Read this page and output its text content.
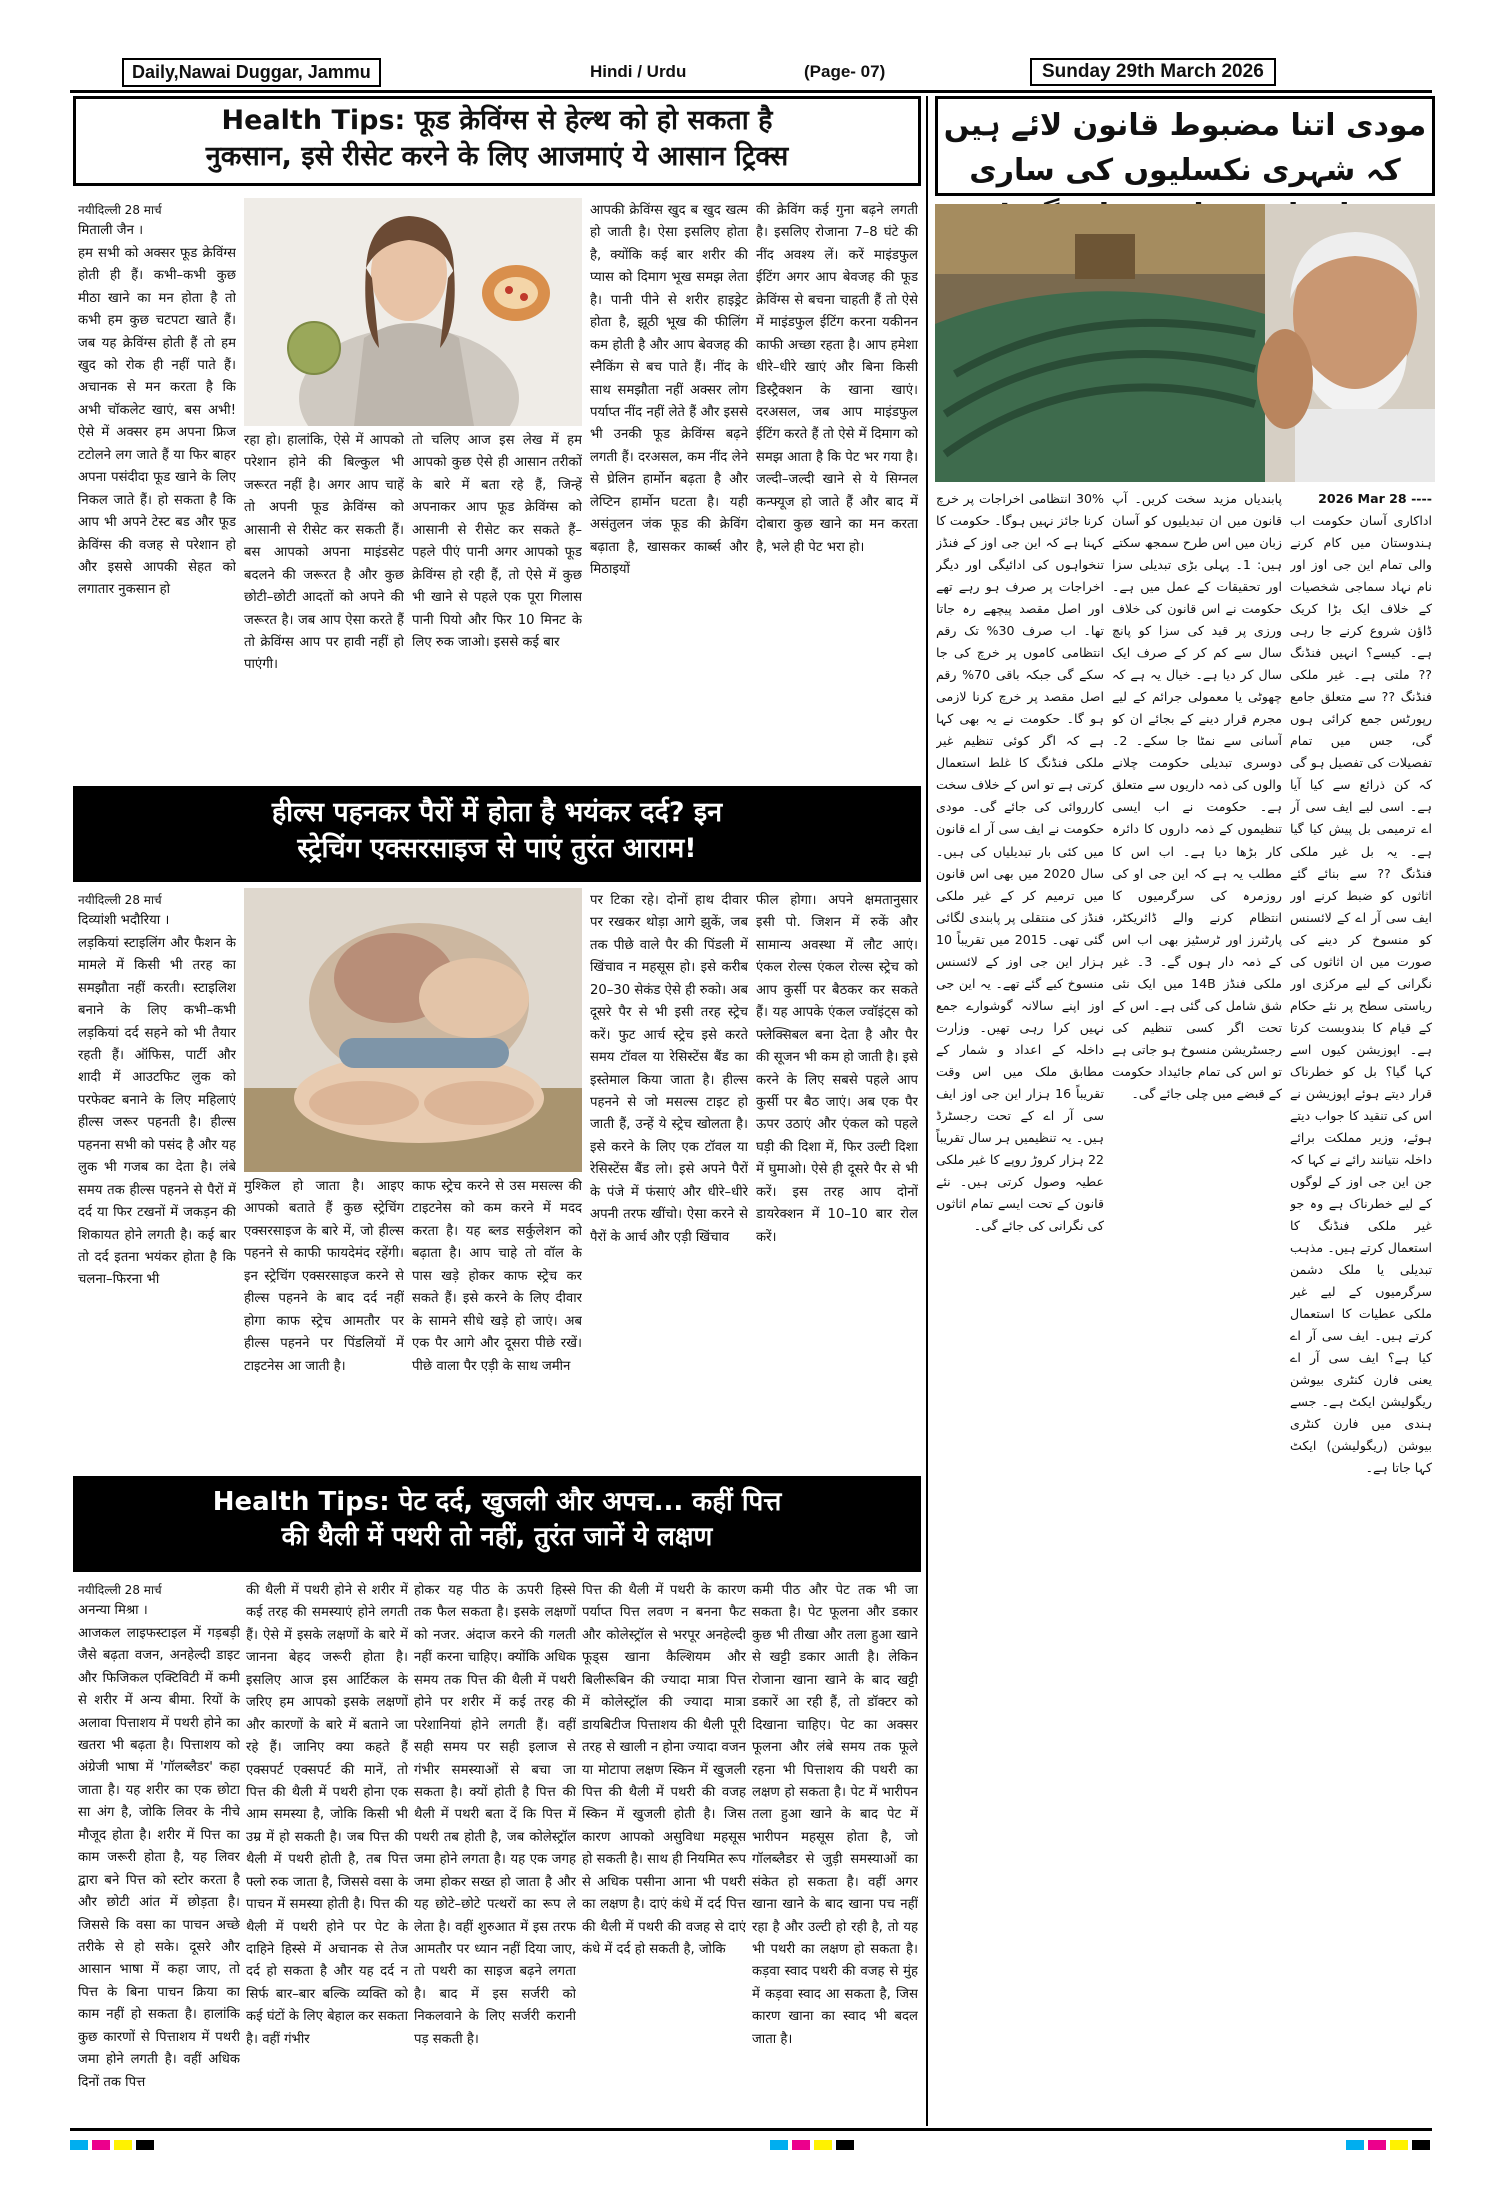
Daily,Nawai Duggar, Jammu	Hindi / Urdu	(Page- 07)	Sunday 29th March 2026
Health Tips: फूड क्रेविंग्स से हेल्थ को हो सकता है
नुकसान, इसे रीसेट करने के लिए आजमाएं ये आसान ट्रिक्स

नयीदिल्ली 28 मार्च

मिताली जैन ।

हम सभी को अक्सर फूड क्रेविंग्स होती ही हैं। कभी–कभी कुछ मीठा खाने का मन होता है तो कभी हम कुछ चटपटा खाते हैं। जब यह क्रेविंग्स होती हैं तो हम खुद को रोक ही नहीं पाते हैं। अचानक से मन करता है कि अभी चॉकलेट खाएं, बस अभी! ऐसे में अक्सर हम अपना फ्रिज टटोलने लग जाते हैं या फिर बाहर अपना पसंदीदा फूड खाने के लिए निकल जाते हैं। हो सकता है कि आप भी अपने टेस्ट बड और फूड क्रेविंग्स की वजह से परेशान हो और इससे आपकी सेहत को लगातार नुकसान हो

रहा हो। हालांकि, ऐसे में आपको परेशान होने की बिल्कुल भी जरूरत नहीं है। अगर आप चाहें तो अपनी फूड क्रेविंग्स को आसानी से रीसेट कर सकती हैं। बस आपको अपना माइंडसेट बदलने की जरूरत है और कुछ छोटी–छोटी आदतों को अपने की जरूरत है। जब आप ऐसा करते हैं तो क्रेविंग्स आप पर हावी नहीं हो पाएंगी।

तो चलिए आज इस लेख में हम आपको कुछ ऐसे ही आसान तरीकों के बारे में बता रहे हैं, जिन्हें अपनाकर आप फूड क्रेविंग्स को आसानी से रीसेट कर सकते हैं– पहले पीएं पानी अगर आपको फूड क्रेविंग्स हो रही हैं, तो ऐसे में कुछ भी खाने से पहले एक पूरा गिलास पानी पियो और फिर 10 मिनट के लिए रुक जाओ। इससे कई बार

आपकी क्रेविंग्स खुद ब खुद खत्म हो जाती है। ऐसा इसलिए होता है, क्योंकि कई बार शरीर की प्यास को दिमाग भूख समझ लेता है। पानी पीने से शरीर हाइड्रेट होता है, झूठी भूख की फीलिंग कम होती है और आप बेवजह की स्नैकिंग से बच पाते हैं। नींद के साथ समझौता नहीं अक्सर लोग पर्याप्त नींद नहीं लेते हैं और इससे भी उनकी फूड क्रेविंग्स बढ़ने लगती हैं। दरअसल, कम नींद लेने से घ्रेलिन हार्मोन बढ़ता है और लेप्टिन हार्मोन घटता है। यही असंतुलन जंक फूड की क्रेविंग बढ़ाता है, खासकर कार्ब्स और मिठाइयों

की क्रेविंग कई गुना बढ़ने लगती है। इसलिए रोजाना 7–8 घंटे की नींद अवश्य लें। करें माइंडफुल ईटिंग अगर आप बेवजह की फूड क्रेविंग्स से बचना चाहती हैं तो ऐसे में माइंडफुल ईटिंग करना यकीनन काफी अच्छा रहता है। आप हमेशा धीरे–धीरे खाएं और बिना किसी डिस्ट्रैक्शन के खाना खाएं। दरअसल, जब आप माइंडफुल ईटिंग करते हैं तो ऐसे में दिमाग को समझ आता है कि पेट भर गया है। जल्दी–जल्दी खाने से ये सिग्नल कन्फ्यूज हो जाते हैं और बाद में दोबारा कुछ खाने का मन करता है, भले ही पेट भरा हो।

हील्स पहनकर पैरों में होता है भयंकर दर्द? इन
स्ट्रेचिंग एक्सरसाइज से पाएं तुरंत आराम!

नयीदिल्ली 28 मार्च

दिव्यांशी भदौरिया ।

लड़कियां स्टाइलिंग और फैशन के मामले में किसी भी तरह का समझौता नहीं करती। स्टाइलिश बनाने के लिए कभी–कभी लड़कियां दर्द सहने को भी तैयार रहती हैं। ऑफिस, पार्टी और शादी में आउटफिट लुक को परफेक्ट बनाने के लिए महिलाएं हील्स जरूर पहनती है। हील्स पहनना सभी को पसंद है और यह लुक भी गजब का देता है। लंबे समय तक हील्स पहनने से पैरों में दर्द या फिर टखनों में जकड़न की शिकायत होने लगती है। कई बार तो दर्द इतना भयंकर होता है कि चलना–फिरना भी

मुश्किल हो जाता है। आइए आपको बताते हैं कुछ स्ट्रेचिंग एक्सरसाइज के बारे में, जो हील्स पहनने से काफी फायदेमंद रहेंगी। इन स्ट्रेचिंग एक्सरसाइज करने से हील्स पहनने के बाद दर्द नहीं होगा काफ स्ट्रेच आमतौर पर हील्स पहनने पर पिंडलियों में टाइटनेस आ जाती है।

काफ स्ट्रेच करने से उस मसल्स की टाइटनेस को कम करने में मदद करता है। यह ब्लड सर्कुलेशन को बढ़ाता है। आप चाहे तो वॉल के पास खड़े होकर काफ स्ट्रेच कर सकते हैं। इसे करने के लिए दीवार के सामने सीधे खड़े हो जाएं। अब एक पैर आगे और दूसरा पीछे रखें। पीछे वाला पैर एड़ी के साथ जमीन

पर टिका रहे। दोनों हाथ दीवार पर रखकर थोड़ा आगे झुकें, जब तक पीछे वाले पैर की पिंडली में खिंचाव न महसूस हो। इसे करीब 20–30 सेकंड ऐसे ही रुको। अब दूसरे पैर से भी इसी तरह स्ट्रेच करें। फुट आर्च स्ट्रेच इसे करते समय टॉवल या रेसिस्टेंस बैंड का इस्तेमाल किया जाता है। हील्स पहनने से जो मसल्स टाइट हो जाती हैं, उन्हें ये स्ट्रेच खोलता है। इसे करने के लिए एक टॉवल या रेसिस्टेंस बैंड लो। इसे अपने पैरों के पंजे में फंसाएं और धीरे–धीरे अपनी तरफ खींचो। ऐसा करने से पैरों के आर्च और एड़ी खिंचाव

फील होगा। अपने क्षमतानुसार इसी पो. जिशन में रुकें और सामान्य अवस्था में लौट आएं। एंकल रोल्स एंकल रोल्स स्ट्रेच को आप कुर्सी पर बैठकर कर सकते हैं। यह आपके एंकल ज्वॉइंट्स को फ्लेक्सिबल बना देता है और पैर की सूजन भी कम हो जाती है। इसे करने के लिए सबसे पहले आप कुर्सी पर बैठ जाएं। अब एक पैर ऊपर उठाएं और एंकल को पहले घड़ी की दिशा में, फिर उल्टी दिशा में घुमाओ। ऐसे ही दूसरे पैर से भी करें। इस तरह आप दोनों डायरेक्शन में 10–10 बार रोल करें।

Health Tips: पेट दर्द, खुजली और अपच... कहीं पित्त
की थैली में पथरी तो नहीं, तुरंत जानें ये लक्षण

नयीदिल्ली 28 मार्च

अनन्या मिश्रा ।

आजकल लाइफस्टाइल में गड़बड़ी जैसे बढ़ता वजन, अनहेल्दी डाइट और फिजिकल एक्टिविटी में कमी से शरीर में अन्य बीमा. रियों के अलावा पित्ताशय में पथरी होने का खतरा भी बढ़ता है। पित्ताशय को अंग्रेजी भाषा में 'गॉलब्लैडर' कहा जाता है। यह शरीर का एक छोटा सा अंग है, जोकि लिवर के नीचे मौजूद होता है। शरीर में पित्त का काम जरूरी होता है, यह लिवर द्वारा बने पित्त को स्टोर करता है और छोटी आंत में छोड़ता है। जिससे कि वसा का पाचन अच्छे तरीके से हो सके। दूसरे और आसान भाषा में कहा जाए, तो पित्त के बिना पाचन क्रिया का काम नहीं हो सकता है। हालांकि कुछ कारणों से पित्ताशय में पथरी जमा होने लगती है। वहीं अधिक दिनों तक पित्त

की थैली में पथरी होने से शरीर में कई तरह की समस्याएं होने लगती हैं। ऐसे में इसके लक्षणों के बारे में जानना बेहद जरूरी होता है। इसलिए आज इस आर्टिकल के जरिए हम आपको इसके लक्षणों और कारणों के बारे में बताने जा रहे हैं। जानिए क्या कहते हैं एक्सपर्ट एक्सपर्ट की मानें, तो पित्त की थैली में पथरी होना एक आम समस्या है, जोकि किसी भी उम्र में हो सकती है। जब पित्त की थैली में पथरी होती है, तब पित्त फ्लो रुक जाता है, जिससे वसा के पाचन में समस्या होती है। पित्त की थैली में पथरी होने पर पेट के दाहिने हिस्से में अचानक से तेज दर्द हो सकता है और यह दर्द न सिर्फ बार–बार बल्कि व्यक्ति को कई घंटों के लिए बेहाल कर सकता है। वहीं गंभीर

होकर यह पीठ के ऊपरी हिस्से तक फैल सकता है। इसके लक्षणों को नजर. अंदाज करने की गलती नहीं करना चाहिए। क्योंकि अधिक समय तक पित्त की थैली में पथरी होने पर शरीर में कई तरह की परेशानियां होने लगती हैं। वहीं सही समय पर सही इलाज से गंभीर समस्याओं से बचा जा सकता है। क्यों होती है पित्त की थैली में पथरी बता दें कि पित्त में पथरी तब होती है, जब कोलेस्ट्रॉल जमा होने लगता है। यह एक जगह जमा होकर सख्त हो जाता है और यह छोटे–छोटे पत्थरों का रूप ले लेता है। वहीं शुरुआत में इस तरफ आमतौर पर ध्यान नहीं दिया जाए, तो पथरी का साइज बढ़ने लगता है। बाद में इस सर्जरी को निकलवाने के लिए सर्जरी करानी पड़ सकती है।

पित्त की थैली में पथरी के कारण पर्याप्त पित्त लवण न बनना फैट और कोलेस्ट्रॉल से भरपूर अनहेल्दी फूड्स खाना कैल्शियम और बिलीरूबिन की ज्यादा मात्रा पित्त में कोलेस्ट्रॉल की ज्यादा मात्रा डायबिटीज पित्ताशय की थैली पूरी तरह से खाली न होना ज्यादा वजन या मोटापा लक्षण स्किन में खुजली पित्त की थैली में पथरी की वजह स्किन में खुजली होती है। जिस कारण आपको असुविधा महसूस हो सकती है। साथ ही नियमित रूप से अधिक पसीना आना भी पथरी का लक्षण है। दाएं कंधे में दर्द पित्त की थैली में पथरी की वजह से दाएं कंधे में दर्द हो सकती है, जोकि

कमी पीठ और पेट तक भी जा सकता है। पेट फूलना और डकार कुछ भी तीखा और तला हुआ खाने से खट्टी डकार आती है। लेकिन रोजाना खाना खाने के बाद खट्टी डकारें आ रही हैं, तो डॉक्टर को दिखाना चाहिए। पेट का अक्सर फूलना और लंबे समय तक फूले रहना भी पित्ताशय की पथरी का लक्षण हो सकता है। पेट में भारीपन तला हुआ खाने के बाद पेट में भारीपन महसूस होता है, जो गॉलब्लैडर से जुड़ी समस्याओं का संकेत हो सकता है। वहीं अगर खाना खाने के बाद खाना पच नहीं रहा है और उल्टी हो रही है, तो यह भी पथरी का लक्षण हो सकता है। कड़वा स्वाद पथरी की वजह से मुंह में कड़वा स्वाद आ सकता है, जिस कारण खाना का स्वाद भी बदल जाता है।

مودی اتنا مضبوط قانون لائے ہیں کہ شہری نکسلیوں کی ساری

2026 Mar 28 ----

اداکاری آسان حکومت اب ہندوستان میں کام کرنے والی تمام این جی اوز اور نام نہاد سماجی شخصیات کے خلاف ایک بڑا کریک ڈاؤن شروع کرنے جا رہی ہے۔ کیسے؟ انہیں فنڈنگ ?? ملتی ہے۔ غیر ملکی فنڈنگ ?? سے متعلق جامع رپورٹس جمع کرائی ہوں گی، جس میں تمام تفصیلات کی تفصیل ہو گی کہ کن ذرائع سے کیا آیا ہے۔ اسی لیے ایف سی آر اے ترمیمی بل پیش کیا گیا ہے۔ یہ بل غیر ملکی فنڈنگ ?? سے بنائے گئے اثاثوں کو ضبط کرنے اور ایف سی آر اے کے لائسنس کو منسوخ کر دینے کی صورت میں ان اثاثوں کی نگرانی کے لیے مرکزی اور ریاستی سطح پر نئے حکام کے قیام کا بندوبست کرتا ہے۔ اپوزیشن کیوں اسے کہا گیا؟ بل کو خطرناک قرار دیتے ہوئے اپوزیشن نے اس کی تنقید کا جواب دیتے ہوئے، وزیر مملکت برائے داخلہ نتیانند رائے نے کہا کہ جن این جی اوز کے لوگوں کے لیے خطرناک ہے وہ جو غیر ملکی فنڈنگ کا استعمال کرتے ہیں۔ مذہب تبدیلی یا ملک دشمن سرگرمیوں کے لیے غیر ملکی عطیات کا استعمال کرتے ہیں۔ ایف سی آر اے کیا ہے؟ ایف سی آر اے یعنی فارن کنٹری بیوشن ریگولیشن ایکٹ ہے۔ جسے ہندی میں فارن کنٹری بیوشن (ریگولیشن) ایکٹ کہا جاتا ہے۔

پابندیاں مزید سخت کریں۔ آپ قانون میں ان تبدیلیوں کو آسان زبان میں اس طرح سمجھ سکتے ہیں: 1۔ پہلی بڑی تبدیلی سزا اور تحقیقات کے عمل میں ہے۔ حکومت نے اس قانون کی خلاف ورزی پر قید کی سزا کو پانچ سال سے کم کر کے صرف ایک سال کر دیا ہے۔ خیال یہ ہے کہ چھوٹی یا معمولی جرائم کے لیے مجرم قرار دینے کے بجائے ان کو آسانی سے نمٹا جا سکے۔ 2۔ دوسری تبدیلی حکومت چلانے والوں کی ذمہ داریوں سے متعلق ہے۔ حکومت نے اب ایسی تنظیموں کے ذمہ داروں کا دائرہ کار بڑھا دیا ہے۔ اب اس کا مطلب یہ ہے کہ این جی او کی روزمرہ کی سرگرمیوں کا انتظام کرنے والے ڈائریکٹر، پارٹنرز اور ٹرسٹیز بھی اب اس کے ذمہ دار ہوں گے۔ 3۔ غیر ملکی فنڈز 14B میں ایک نئی شق شامل کی گئی ہے۔ اس کے تحت اگر کسی تنظیم کی رجسٹریشن منسوخ ہو جاتی ہے تو اس کی تمام جائیداد حکومت کے قبضے میں چلی جائے گی۔

30% انتظامی اخراجات پر خرچ کرنا جائز نہیں ہوگا۔ حکومت کا کہنا ہے کہ این جی اوز کے فنڈز تنخواہوں کی ادائیگی اور دیگر اخراجات پر صرف ہو رہے تھے اور اصل مقصد پیچھے رہ جاتا تھا۔ اب صرف 30% تک رقم انتظامی کاموں پر خرچ کی جا سکے گی جبکہ باقی 70% رقم اصل مقصد پر خرچ کرنا لازمی ہو گا۔ حکومت نے یہ بھی کہا ہے کہ اگر کوئی تنظیم غیر ملکی فنڈنگ کا غلط استعمال کرتی ہے تو اس کے خلاف سخت کارروائی کی جائے گی۔ مودی حکومت نے ایف سی آر اے قانون میں کئی بار تبدیلیاں کی ہیں۔ سال 2020 میں بھی اس قانون میں ترمیم کر کے غیر ملکی فنڈز کی منتقلی پر پابندی لگائی گئی تھی۔ 2015 میں تقریباً 10 ہزار این جی اوز کے لائسنس منسوخ کیے گئے تھے۔ یہ این جی اوز اپنے سالانہ گوشوارے جمع نہیں کرا رہی تھیں۔ وزارت داخلہ کے اعداد و شمار کے مطابق ملک میں اس وقت تقریباً 16 ہزار این جی اوز ایف سی آر اے کے تحت رجسٹرڈ ہیں۔ یہ تنظیمیں ہر سال تقریباً 22 ہزار کروڑ روپے کا غیر ملکی عطیہ وصول کرتی ہیں۔ نئے قانون کے تحت ایسے تمام اثاثوں کی نگرانی کی جائے گی۔
